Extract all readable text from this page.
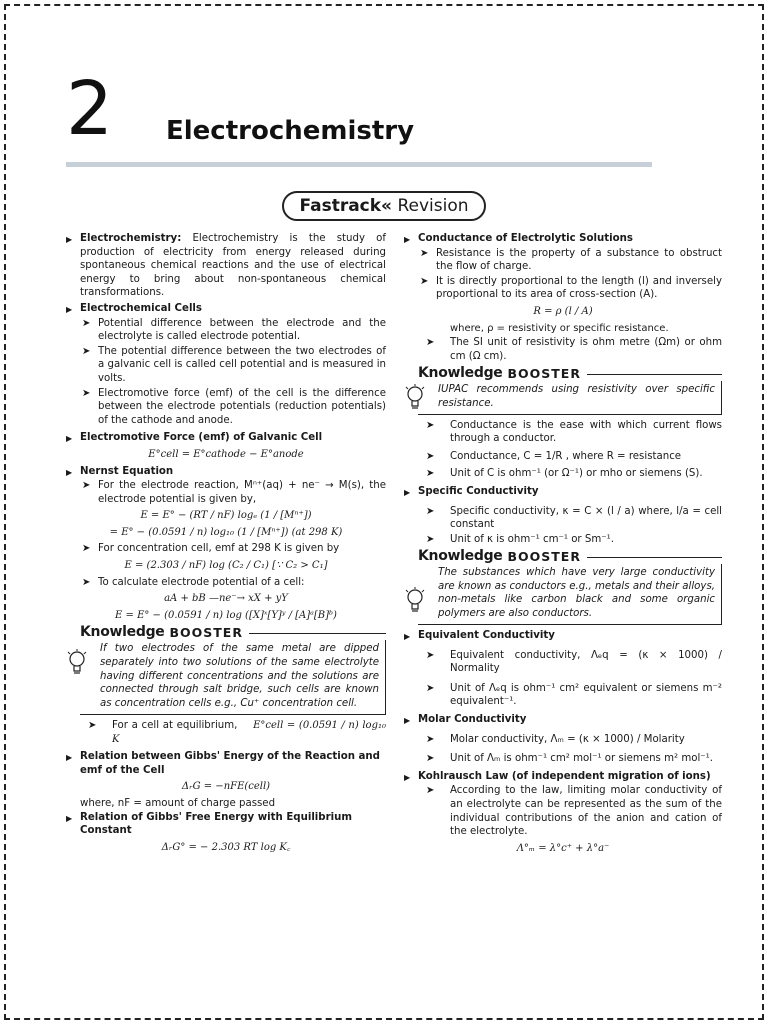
2 Electrochemistry
Fastrack« Revision
▶ Electrochemistry: Electrochemistry is the study of production of electricity from energy released during spontaneous chemical reactions and the use of electrical energy to bring about non-spontaneous chemical transformations.
▶ Electrochemical Cells
➤ Potential difference between the electrode and the electrolyte is called electrode potential.
➤ The potential difference between the two electrodes of a galvanic cell is called cell potential and is measured in volts.
➤ Electromotive force (emf) of the cell is the difference between the electrode potentials (reduction potentials) of the cathode and anode.
▶ Electromotive Force (emf) of Galvanic Cell
E°cell = E°cathode − E°anode
▶ Nernst Equation
➤ For the electrode reaction, Mⁿ⁺(aq) + ne⁻ → M(s), the electrode potential is given by,
E = E° − (RT / nF) logₑ (1 / [Mⁿ⁺])
= E° − (0.0591 / n) log₁₀ (1 / [Mⁿ⁺]) (at 298 K)
➤ For concentration cell, emf at 298 K is given by
E = (2.303 / nF) log (C₂ / C₁) [∵ C₂ > C₁]
➤ To calculate electrode potential of a cell:
aA + bB —ne⁻→ xX + yY
E = E° − (0.0591 / n) log ([X]ˣ[Y]ʸ / [A]ᵃ[B]ᵇ)
Knowledge BOOSTER
If two electrodes of the same metal are dipped separately into two solutions of the same electrolyte having different concentrations and the solutions are connected through salt bridge, such cells are known as concentration cells e.g., Cu⁺ concentration cell.
➤ For a cell at equilibrium, E°cell = (0.0591 / n) log₁₀ K
▶ Relation between Gibbs' Energy of the Reaction and emf of the Cell
ΔᵣG = −nFE(cell)
where, nF = amount of charge passed
▶ Relation of Gibbs' Free Energy with Equilibrium Constant
ΔᵣG° = − 2.303 RT log K꜀
▶ Conductance of Electrolytic Solutions
➤ Resistance is the property of a substance to obstruct the flow of charge.
➤ It is directly proportional to the length (l) and inversely proportional to its area of cross-section (A).
R = ρ (l / A)
where, ρ = resistivity or specific resistance.
➤ The SI unit of resistivity is ohm metre (Ωm) or ohm cm (Ω cm).
Knowledge BOOSTER
IUPAC recommends using resistivity over specific resistance.
➤ Conductance is the ease with which current flows through a conductor.
➤ Conductance, C = 1/R , where R = resistance
➤ Unit of C is ohm⁻¹ (or Ω⁻¹) or mho or siemens (S).
▶ Specific Conductivity
➤ Specific conductivity, κ = C × (l / a) where, l/a = cell constant
➤ Unit of κ is ohm⁻¹ cm⁻¹ or Sm⁻¹.
Knowledge BOOSTER
The substances which have very large conductivity are known as conductors e.g., metals and their alloys, non-metals like carbon black and some organic polymers are also conductors.
▶ Equivalent Conductivity
➤ Equivalent conductivity, Λₑq = (κ × 1000) / Normality
➤ Unit of Λₑq is ohm⁻¹ cm² equivalent or siemens m⁻² equivalent⁻¹.
▶ Molar Conductivity
➤ Molar conductivity, Λₘ = (κ × 1000) / Molarity
➤ Unit of Λₘ is ohm⁻¹ cm² mol⁻¹ or siemens m² mol⁻¹.
▶ Kohlrausch Law (of independent migration of ions)
➤ According to the law, limiting molar conductivity of an electrolyte can be represented as the sum of the individual contributions of the anion and cation of the electrolyte.
Λ°ₘ = λ°c⁺ + λ°a⁻
